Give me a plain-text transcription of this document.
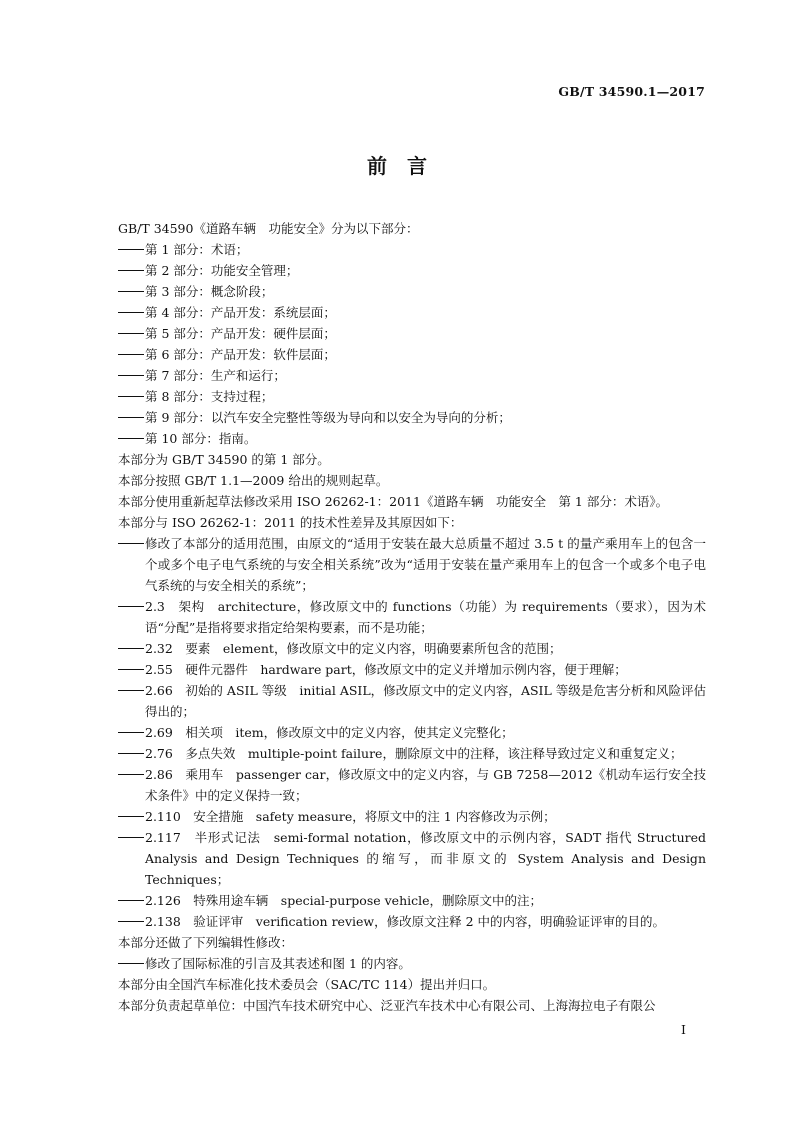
GB/T 34590.1—2017
前　言

GB/T 34590《道路车辆　功能安全》分为以下部分：

第 1 部分：术语；
第 2 部分：功能安全管理；
第 3 部分：概念阶段；
第 4 部分：产品开发：系统层面；
第 5 部分：产品开发：硬件层面；
第 6 部分：产品开发：软件层面；
第 7 部分：生产和运行；
第 8 部分：支持过程；
第 9 部分：以汽车安全完整性等级为导向和以安全为导向的分析；
第 10 部分：指南。

本部分为 GB/T 34590 的第 1 部分。

本部分按照 GB/T 1.1—2009 给出的规则起草。

本部分使用重新起草法修改采用 ISO 26262-1：2011《道路车辆　功能安全　第 1 部分：术语》。

本部分与 ISO 26262-1：2011 的技术性差异及其原因如下：

修改了本部分的适用范围，由原文的“适用于安装在最大总质量不超过 3.5 t 的量产乘用车上的包含一个或多个电子电气系统的与安全相关系统”改为“适用于安装在量产乘用车上的包含一个或多个电子电气系统的与安全相关的系统”；
2.3　架构　architecture，修改原文中的 functions（功能）为 requirements（要求），因为术语“分配”是指将要求指定给架构要素，而不是功能；
2.32　要素　element，修改原文中的定义内容，明确要素所包含的范围；
2.55　硬件元器件　hardware part，修改原文中的定义并增加示例内容，便于理解；
2.66　初始的 ASIL 等级　initial ASIL，修改原文中的定义内容，ASIL 等级是危害分析和风险评估得出的；
2.69　相关项　item，修改原文中的定义内容，使其定义完整化；
2.76　多点失效　multiple-point failure，删除原文中的注释，该注释导致过定义和重复定义；
2.86　乘用车　passenger car，修改原文中的定义内容，与 GB 7258—2012《机动车运行安全技术条件》中的定义保持一致；
2.110　安全措施　safety measure，将原文中的注 1 内容修改为示例；
2.117　半形式记法　semi-formal notation，修改原文中的示例内容，SADT 指代 Structured Analysis and Design Techniques 的缩写，而非原文的 System Analysis and Design Techniques；
2.126　特殊用途车辆　special-purpose vehicle，删除原文中的注；
2.138　验证评审　verification review，修改原文注释 2 中的内容，明确验证评审的目的。

本部分还做了下列编辑性修改：

修改了国际标准的引言及其表述和图 1 的内容。

本部分由全国汽车标准化技术委员会（SAC/TC 114）提出并归口。

本部分负责起草单位：中国汽车技术研究中心、泛亚汽车技术中心有限公司、上海海拉电子有限公

I
